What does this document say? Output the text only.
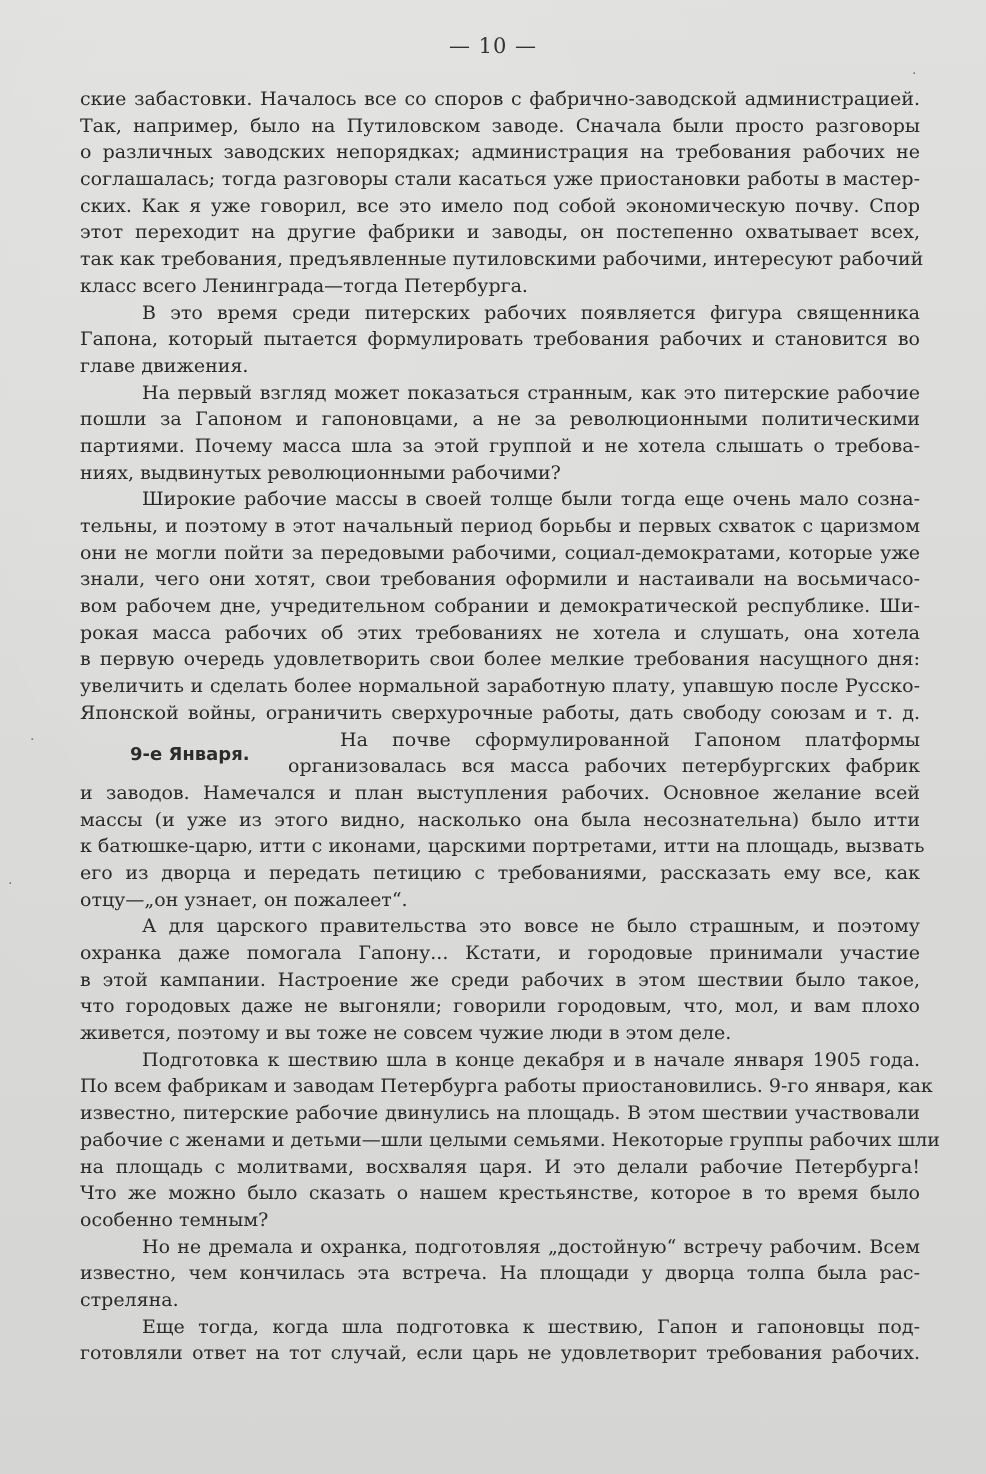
— 10 —
9-е Января.
ские забастовки. Началось все со споров с фабрично-заводской администрацией.
Так, например, было на Путиловском заводе. Сначала были просто разговоры
о различных заводских непорядках; администрация на требования рабочих не
соглашалась; тогда разговоры стали касаться уже приостановки работы в мастер-
ских. Как я уже говорил, все это имело под собой экономическую почву. Спор
этот переходит на другие фабрики и заводы, он постепенно охватывает всех,
так как требования, предъявленные путиловскими рабочими, интересуют рабочий
класс всего Ленинграда—тогда Петербурга.
В это время среди питерских рабочих появляется фигура священника
Гапона, который пытается формулировать требования рабочих и становится во
главе движения.
На первый взгляд может показаться странным, как это питерские рабочие
пошли за Гапоном и гапоновцами, а не за революционными политическими
партиями. Почему масса шла за этой группой и не хотела слышать о требова-
ниях, выдвинутых революционными рабочими?
Широкие рабочие массы в своей толще были тогда еще очень мало созна-
тельны, и поэтому в этот начальный период борьбы и первых схваток с царизмом
они не могли пойти за передовыми рабочими, социал-демократами, которые уже
знали, чего они хотят, свои требования оформили и настаивали на восьмичасо-
вом рабочем дне, учредительном собрании и демократической республике. Ши-
рокая масса рабочих об этих требованиях не хотела и слушать, она хотела
в первую очередь удовлетворить свои более мелкие требования насущного дня:
увеличить и сделать более нормальной заработную плату, упавшую после Русско-
Японской войны, ограничить сверхурочные работы, дать свободу союзам и т. д.
На почве сформулированной Гапоном платформы
организовалась вся масса рабочих петербургских фабрик
и заводов. Намечался и план выступления рабочих. Основное желание всей
массы (и уже из этого видно, насколько она была несознательна) было итти
к батюшке-царю, итти с иконами, царскими портретами, итти на площадь, вызвать
его из дворца и передать петицию с требованиями, рассказать ему все, как
отцу—„он узнает, он пожалеет“.
А для царского правительства это вовсе не было страшным, и поэтому
охранка даже помогала Гапону... Кстати, и городовые принимали участие
в этой кампании. Настроение же среди рабочих в этом шествии было такое,
что городовых даже не выгоняли; говорили городовым, что, мол, и вам плохо
живется, поэтому и вы тоже не совсем чужие люди в этом деле.
Подготовка к шествию шла в конце декабря и в начале января 1905 года.
По всем фабрикам и заводам Петербурга работы приостановились. 9-го января, как
известно, питерские рабочие двинулись на площадь. В этом шествии участвовали
рабочие с женами и детьми—шли целыми семьями. Некоторые группы рабочих шли
на площадь с молитвами, восхваляя царя. И это делали рабочие Петербурга!
Что же можно было сказать о нашем крестьянстве, которое в то время было
особенно темным?
Но не дремала и охранка, подготовляя „достойную“ встречу рабочим. Всем
известно, чем кончилась эта встреча. На площади у дворца толпа была рас-
стреляна.
Еще тогда, когда шла подготовка к шествию, Гапон и гапоновцы под-
готовляли ответ на тот случай, если царь не удовлетворит требования рабочих.
·
·
·
